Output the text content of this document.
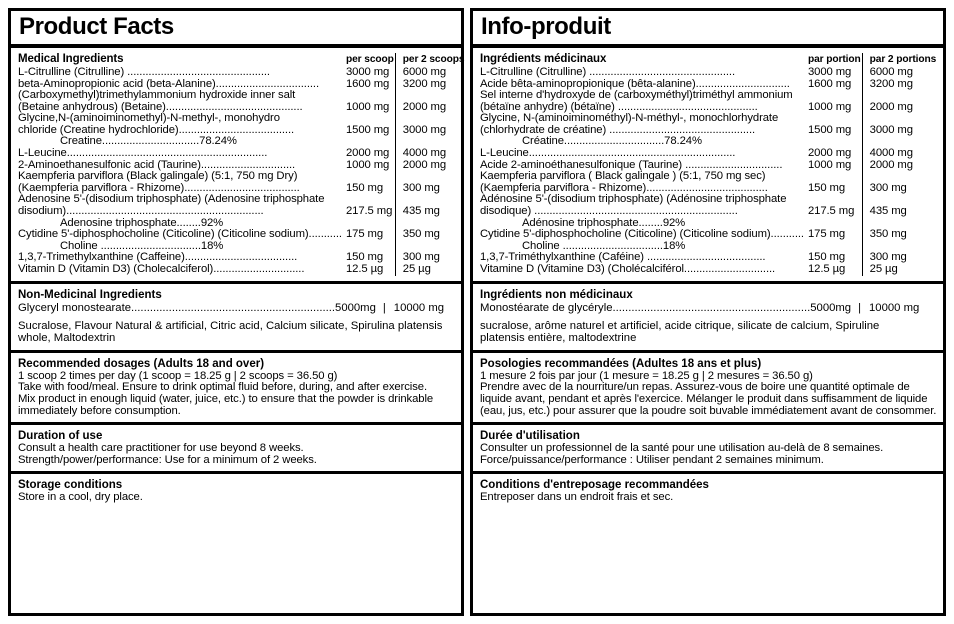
Product Facts
Medical Ingredients	per scoop	per 2 scoops

L-Citrulline (Citrulline) ...............................................	3000 mg	6000 mg

beta-Aminopropionic acid (beta-Alanine)..................................	1600 mg	3200 mg

(Carboxymethyl)trimethylammonium hydroxide inner salt
(Betaine anhydrous) (Betaine).............................................	1000 mg	2000 mg

Glycine,N-(aminoiminomethyl)-N-methyl-, monohydro
chloride (Creatine hydrochloride)......................................
Creatine................................78.24%	1500 mg	3000 mg

L-Leucine..................................................................	2000 mg	4000 mg

2-Aminoethanesulfonic acid (Taurine)...............................	1000 mg	2000 mg

Kaempferia parviflora (Black galingale) (5:1, 750 mg Dry)
(Kaempferia parviflora - Rhizome)......................................	150 mg	300 mg

Adenosine 5'-(disodium triphosphate) (Adenosine triphosphate
disodium).................................................................
Adenosine triphosphate........92%	217.5 mg	435 mg

Cytidine 5'-diphosphocholine (Citicoline) (Citicoline sodium)...........
Choline .................................18%	175 mg	350 mg

1,3,7-Trimethylxanthine (Caffeine).....................................	150 mg	300 mg

Vitamin D (Vitamin D3) (Cholecalciferol)..............................	12.5 µg	25 µg
Non-Medicinal Ingredients
Glyceryl monostearate ................................................................. 5000mg | 10000 mg
Sucralose, Flavour Natural & artificial, Citric acid, Calcium silicate, Spirulina platensis
whole, Maltodextrin
Recommended dosages (Adults 18 and over)
1 scoop 2 times per day (1 scoop = 18.25 g | 2 scoops = 36.50 g)
Take with food/meal. Ensure to drink optimal fluid before, during, and after exercise.
Mix product in enough liquid (water, juice, etc.) to ensure that the powder is drinkable
immediately before consumption.
Duration of use
Consult a health care practitioner for use beyond 8 weeks.
Strength/power/performance: Use for a minimum of 2 weeks.
Storage conditions
Store in a cool, dry place.
Info-produit
Ingrédients médicinaux	par portion	par 2 portions

L-Citrulline (Citrulline) ................................................	3000 mg	6000 mg

Acide bêta-aminopropionique (bêta-alanine)...............................	1600 mg	3200 mg

Sel interne d'hydroxyde de (carboxyméthyl)triméthyl ammonium
(bétaïne anhydre) (bétaïne) ..............................................	1000 mg	2000 mg

Glycine, N-(aminoiminométhyl)-N-méthyl-, monochlorhydrate
(chlorhydrate de créatine) ................................................
Créatine.................................78.24%	1500 mg	3000 mg

L-Leucine....................................................................	2000 mg	4000 mg

Acide 2-aminoéthanesulfonique (Taurine) ................................	1000 mg	2000 mg

Kaempferia parviflora ( Black galingale ) (5:1, 750 mg sec)
(Kaempferia parviflora - Rhizome)........................................	150 mg	300 mg

Adénosine 5'-(disodium triphosphate) (Adénosine triphosphate
disodique) ...................................................................
Adénosine triphosphate........92%	217.5 mg	435 mg

Cytidine 5'-diphosphocholine (Citicoline) (Citicoline sodium)...........
Choline .................................18%	175 mg	350 mg

1,3,7-Triméthylxanthine (Caféine) .......................................	150 mg	300 mg

Vitamine D (Vitamine D3) (Cholécalciférol..............................	12.5 µg	25 µg
Ingrédients non médicinaux
Monostéarate de glycéryle ............................................................... 5000mg | 10000 mg
sucralose, arôme naturel et artificiel, acide citrique, silicate de calcium, Spiruline
platensis entière, maltodextrine
Posologies recommandées (Adultes 18 ans et plus)
1 mesure 2 fois par jour (1 mesure = 18.25 g | 2 mesures = 36.50 g)
Prendre avec de la nourriture/un repas. Assurez-vous de boire une quantité optimale de
liquide avant, pendant et après l'exercice. Mélanger le produit dans suffisamment de liquide
(eau, jus, etc.) pour assurer que la poudre soit buvable immédiatement avant de consommer.
Durée d'utilisation
Consulter un professionnel de la santé pour une utilisation au-delà de 8 semaines.
Force/puissance/performance : Utiliser pendant 2 semaines minimum.
Conditions d'entreposage recommandées
Entreposer dans un endroit frais et sec.
